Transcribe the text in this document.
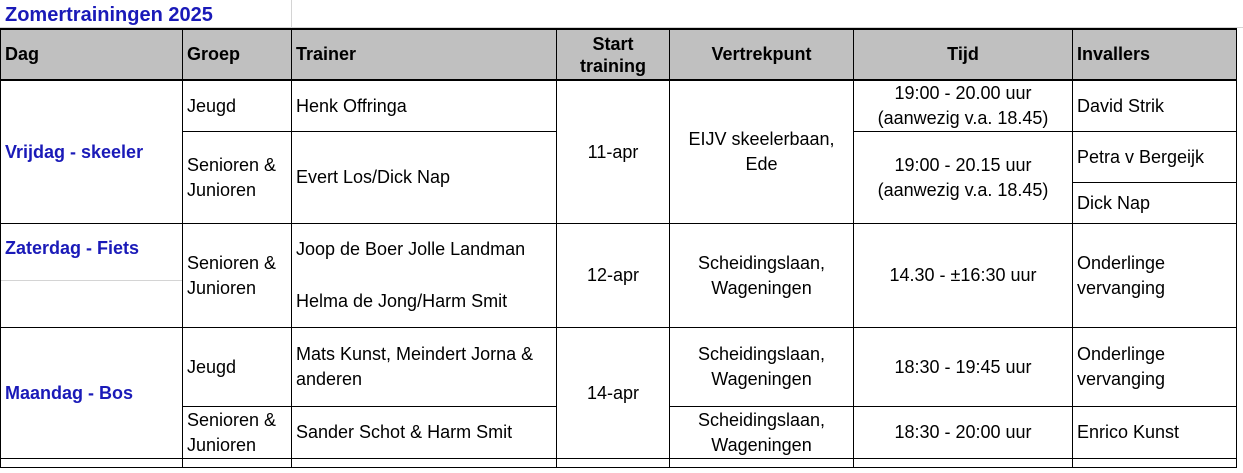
Zomertrainingen 2025
Dag	Groep	Trainer	Start training	Vertrekpunt	Tijd	Invallers
Vrijdag - skeeler	Jeugd	Henk Offringa	11-apr	EIJV skeelerbaan, Ede	19:00 - 20.00 uur (aanwezig v.a. 18.45)	David Strik
	Senioren & Junioren	Evert Los/Dick Nap			19:00 - 20.15 uur (aanwezig v.a. 18.45)	Petra v Bergeijk
						Dick Nap
Zaterdag - Fiets	Senioren & Junioren	Joop de Boer Jolle Landman	12-apr	Scheidingslaan, Wageningen	14.30 - ±16:30 uur	Onderlinge vervanging
		Helma de Jong/Harm Smit				
Maandag - Bos	Jeugd	Mats Kunst, Meindert Jorna & anderen	14-apr	Scheidingslaan, Wageningen	18:30 - 19:45 uur	Onderlinge vervanging
	Senioren & Junioren	Sander Schot & Harm Smit		Scheidingslaan, Wageningen	18:30 - 20:00 uur	Enrico Kunst
